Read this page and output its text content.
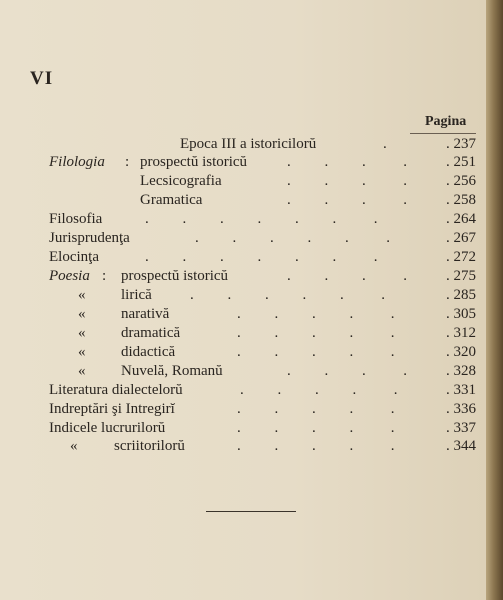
VI
Pagina
Epoca III a istoricilorŭ	.	. 237
Filologia : prospectŭ istoricŭ	.         .         .          .	. 251
Lecsicografia	.         .         .          .	. 256
Gramatica	.         .         .          .	. 258
Filosofia	.         .         .         .         .         .          .	. 264
Jurisprudenţa	.         .         .         .         .          .	. 267
Elocinţa	.         .         .         .         .         .          .	. 272
Poesia : prospectŭ istoricŭ	.         .         .          .	. 275
« lirică	.         .         .         .         .          .	. 285
« narativă	.         .         .         .          .	. 305
« dramatică	.         .         .         .          .	. 312
« didactică	.         .         .         .          .	. 320
« Nuvelă, Romanŭ	.         .         .          .	. 328
Literatura dialectelorŭ	.         .         .         .          .	. 331
Indreptări şi Intregirĭ	.         .         .         .          .	. 336
Indicele lucrurilorŭ	.         .         .         .          .	. 337
« scriitorilorŭ	.         .         .         .          .	. 344
